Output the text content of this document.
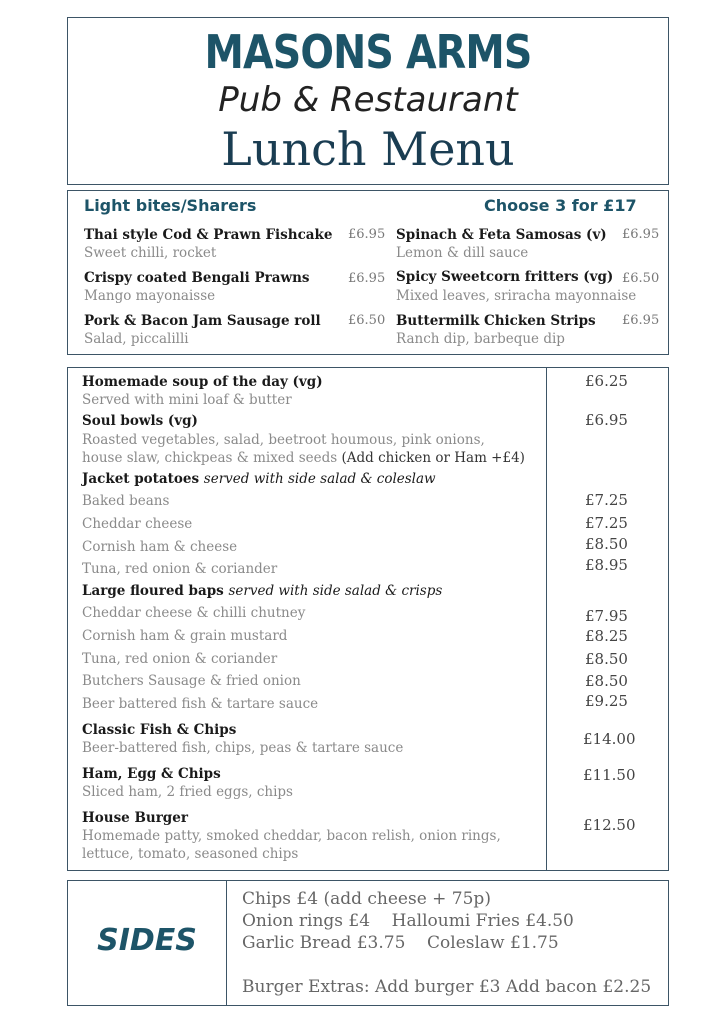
MASONS ARMS
Pub & Restaurant
Lunch Menu
Light bites/Sharers	Choose 3 for £17
Thai style Cod & Prawn Fishcake £6.95
Sweet chilli, rocket
Crispy coated Bengali Prawns	£6.95
Mango mayonaisse
Pork & Bacon Jam Sausage roll £6.50
Salad, piccalilli
Spinach & Feta Samosas (v) £6.95
Lemon & dill sauce
Spicy Sweetcorn fritters (vg) £6.50
Mixed leaves, sriracha mayonnaise
Buttermilk Chicken Strips £6.95
Ranch dip, barbeque dip
Homemade soup of the day (vg)
Served with mini loaf & butter
£6.25
Soul bowls (vg)	£6.95
Roasted vegetables, salad, beetroot houmous, pink onions,
house slaw, chickpeas & mixed seeds (Add chicken or Ham +£4)
Jacket potatoes served with side salad & coleslaw
Baked beans	£7.25
Cheddar cheese	£7.25
Cornish ham & cheese	£8.50
Tuna, red onion & coriander	£8.95
Large floured baps served with side salad & crisps
Cheddar cheese & chilli chutney	£7.95
Cornish ham & grain mustard	£8.25
Tuna, red onion & coriander	£8.50
Butchers Sausage & fried onion	£8.50
Beer battered fish & tartare sauce	£9.25
Classic Fish & Chips
Beer-battered fish, chips, peas & tartare sauce	£14.00
Ham, Egg & Chips
Sliced ham, 2 fried eggs, chips
£11.50
House Burger
Homemade patty, smoked cheddar, bacon relish, onion rings,
lettuce, tomato, seasoned chips
£12.50
SIDES
Chips £4 (add cheese + 75p)
Onion rings £4    Halloumi Fries £4.50
Garlic Bread £3.75    Coleslaw £1.75
Burger Extras: Add burger £3 Add bacon £2.25
